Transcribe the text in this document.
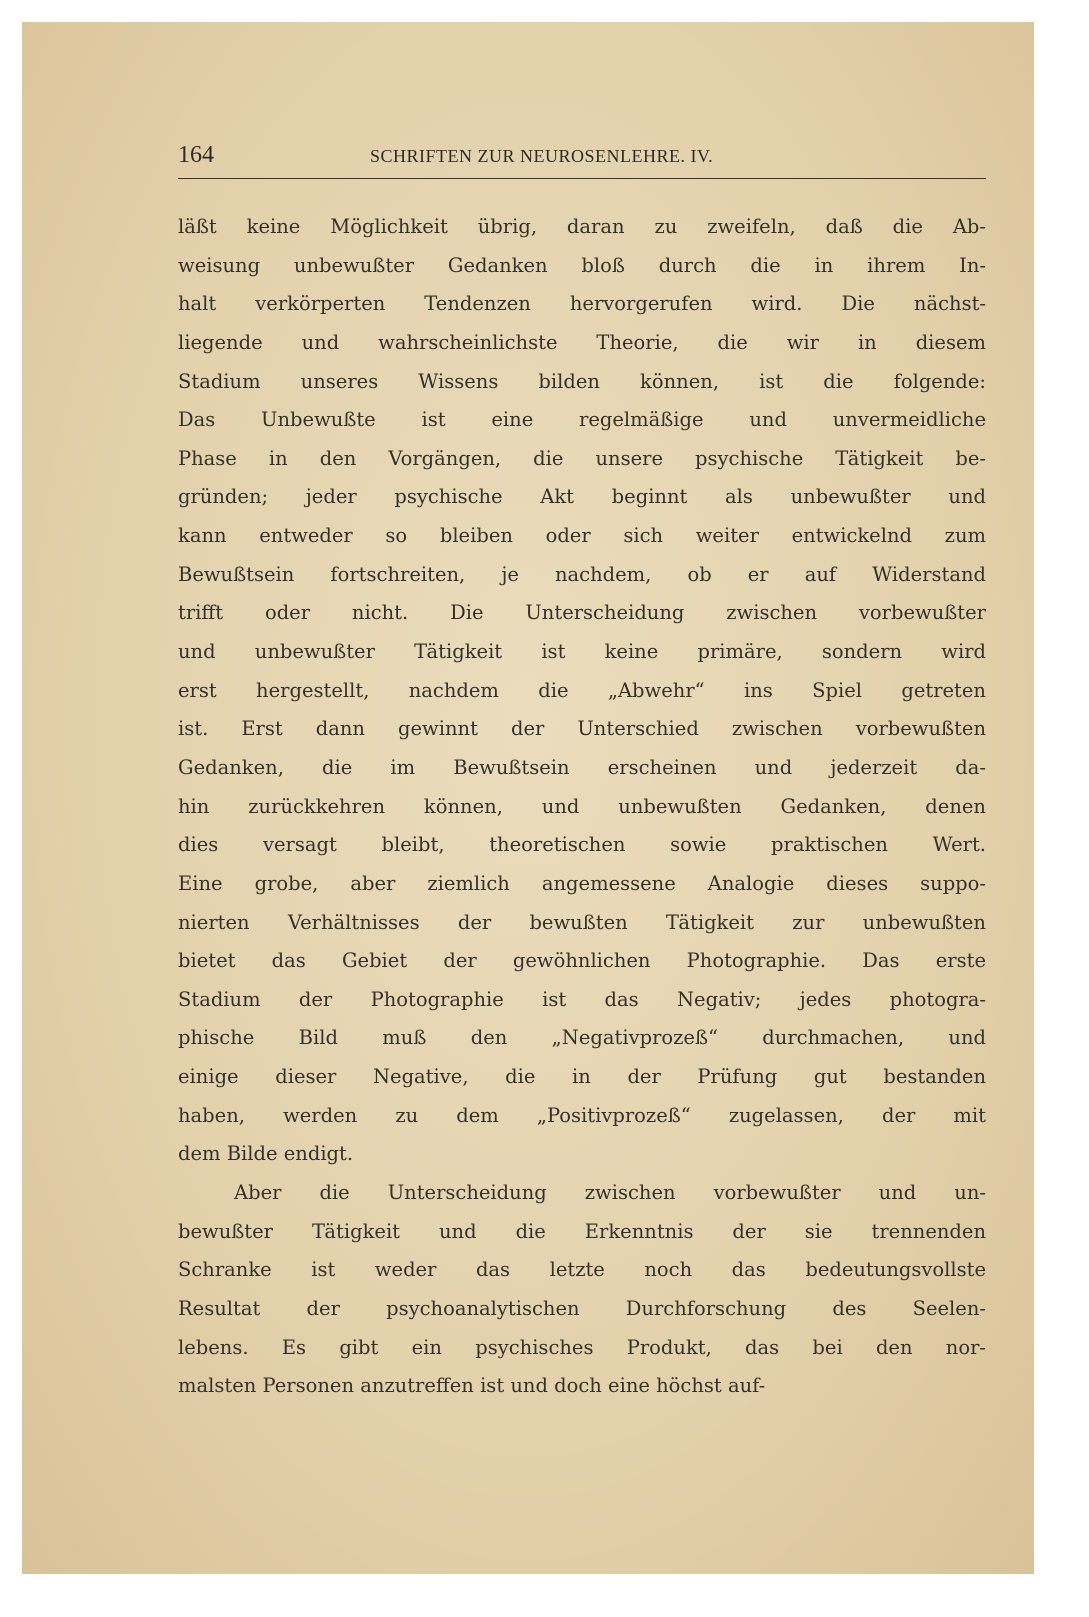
164	SCHRIFTEN ZUR NEUROSENLEHRE. IV.
läßt keine Möglichkeit übrig, daran zu zweifeln, daß die Ab-
weisung unbewußter Gedanken bloß durch die in ihrem In-
halt verkörperten Tendenzen hervorgerufen wird. Die nächst-
liegende und wahrscheinlichste Theorie, die wir in diesem
Stadium unseres Wissens bilden können, ist die folgende:
Das Unbewußte ist eine regelmäßige und unvermeidliche
Phase in den Vorgängen, die unsere psychische Tätigkeit be-
gründen; jeder psychische Akt beginnt als unbewußter und
kann entweder so bleiben oder sich weiter entwickelnd zum
Bewußtsein fortschreiten, je nachdem, ob er auf Widerstand
trifft oder nicht. Die Unterscheidung zwischen vorbewußter
und unbewußter Tätigkeit ist keine primäre, sondern wird
erst hergestellt, nachdem die „Abwehr“ ins Spiel getreten
ist. Erst dann gewinnt der Unterschied zwischen vorbewußten
Gedanken, die im Bewußtsein erscheinen und jederzeit da-
hin zurückkehren können, und unbewußten Gedanken, denen
dies versagt bleibt, theoretischen sowie praktischen Wert.
Eine grobe, aber ziemlich angemessene Analogie dieses suppo-
nierten Verhältnisses der bewußten Tätigkeit zur unbewußten
bietet das Gebiet der gewöhnlichen Photographie. Das erste
Stadium der Photographie ist das Negativ; jedes photogra-
phische Bild muß den „Negativprozeß“ durchmachen, und
einige dieser Negative, die in der Prüfung gut bestanden
haben, werden zu dem „Positivprozeß“ zugelassen, der mit
dem Bilde endigt.
Aber die Unterscheidung zwischen vorbewußter und un-
bewußter Tätigkeit und die Erkenntnis der sie trennenden
Schranke ist weder das letzte noch das bedeutungsvollste
Resultat der psychoanalytischen Durchforschung des Seelen-
lebens. Es gibt ein psychisches Produkt, das bei den nor-
malsten Personen anzutreffen ist und doch eine höchst auf-
